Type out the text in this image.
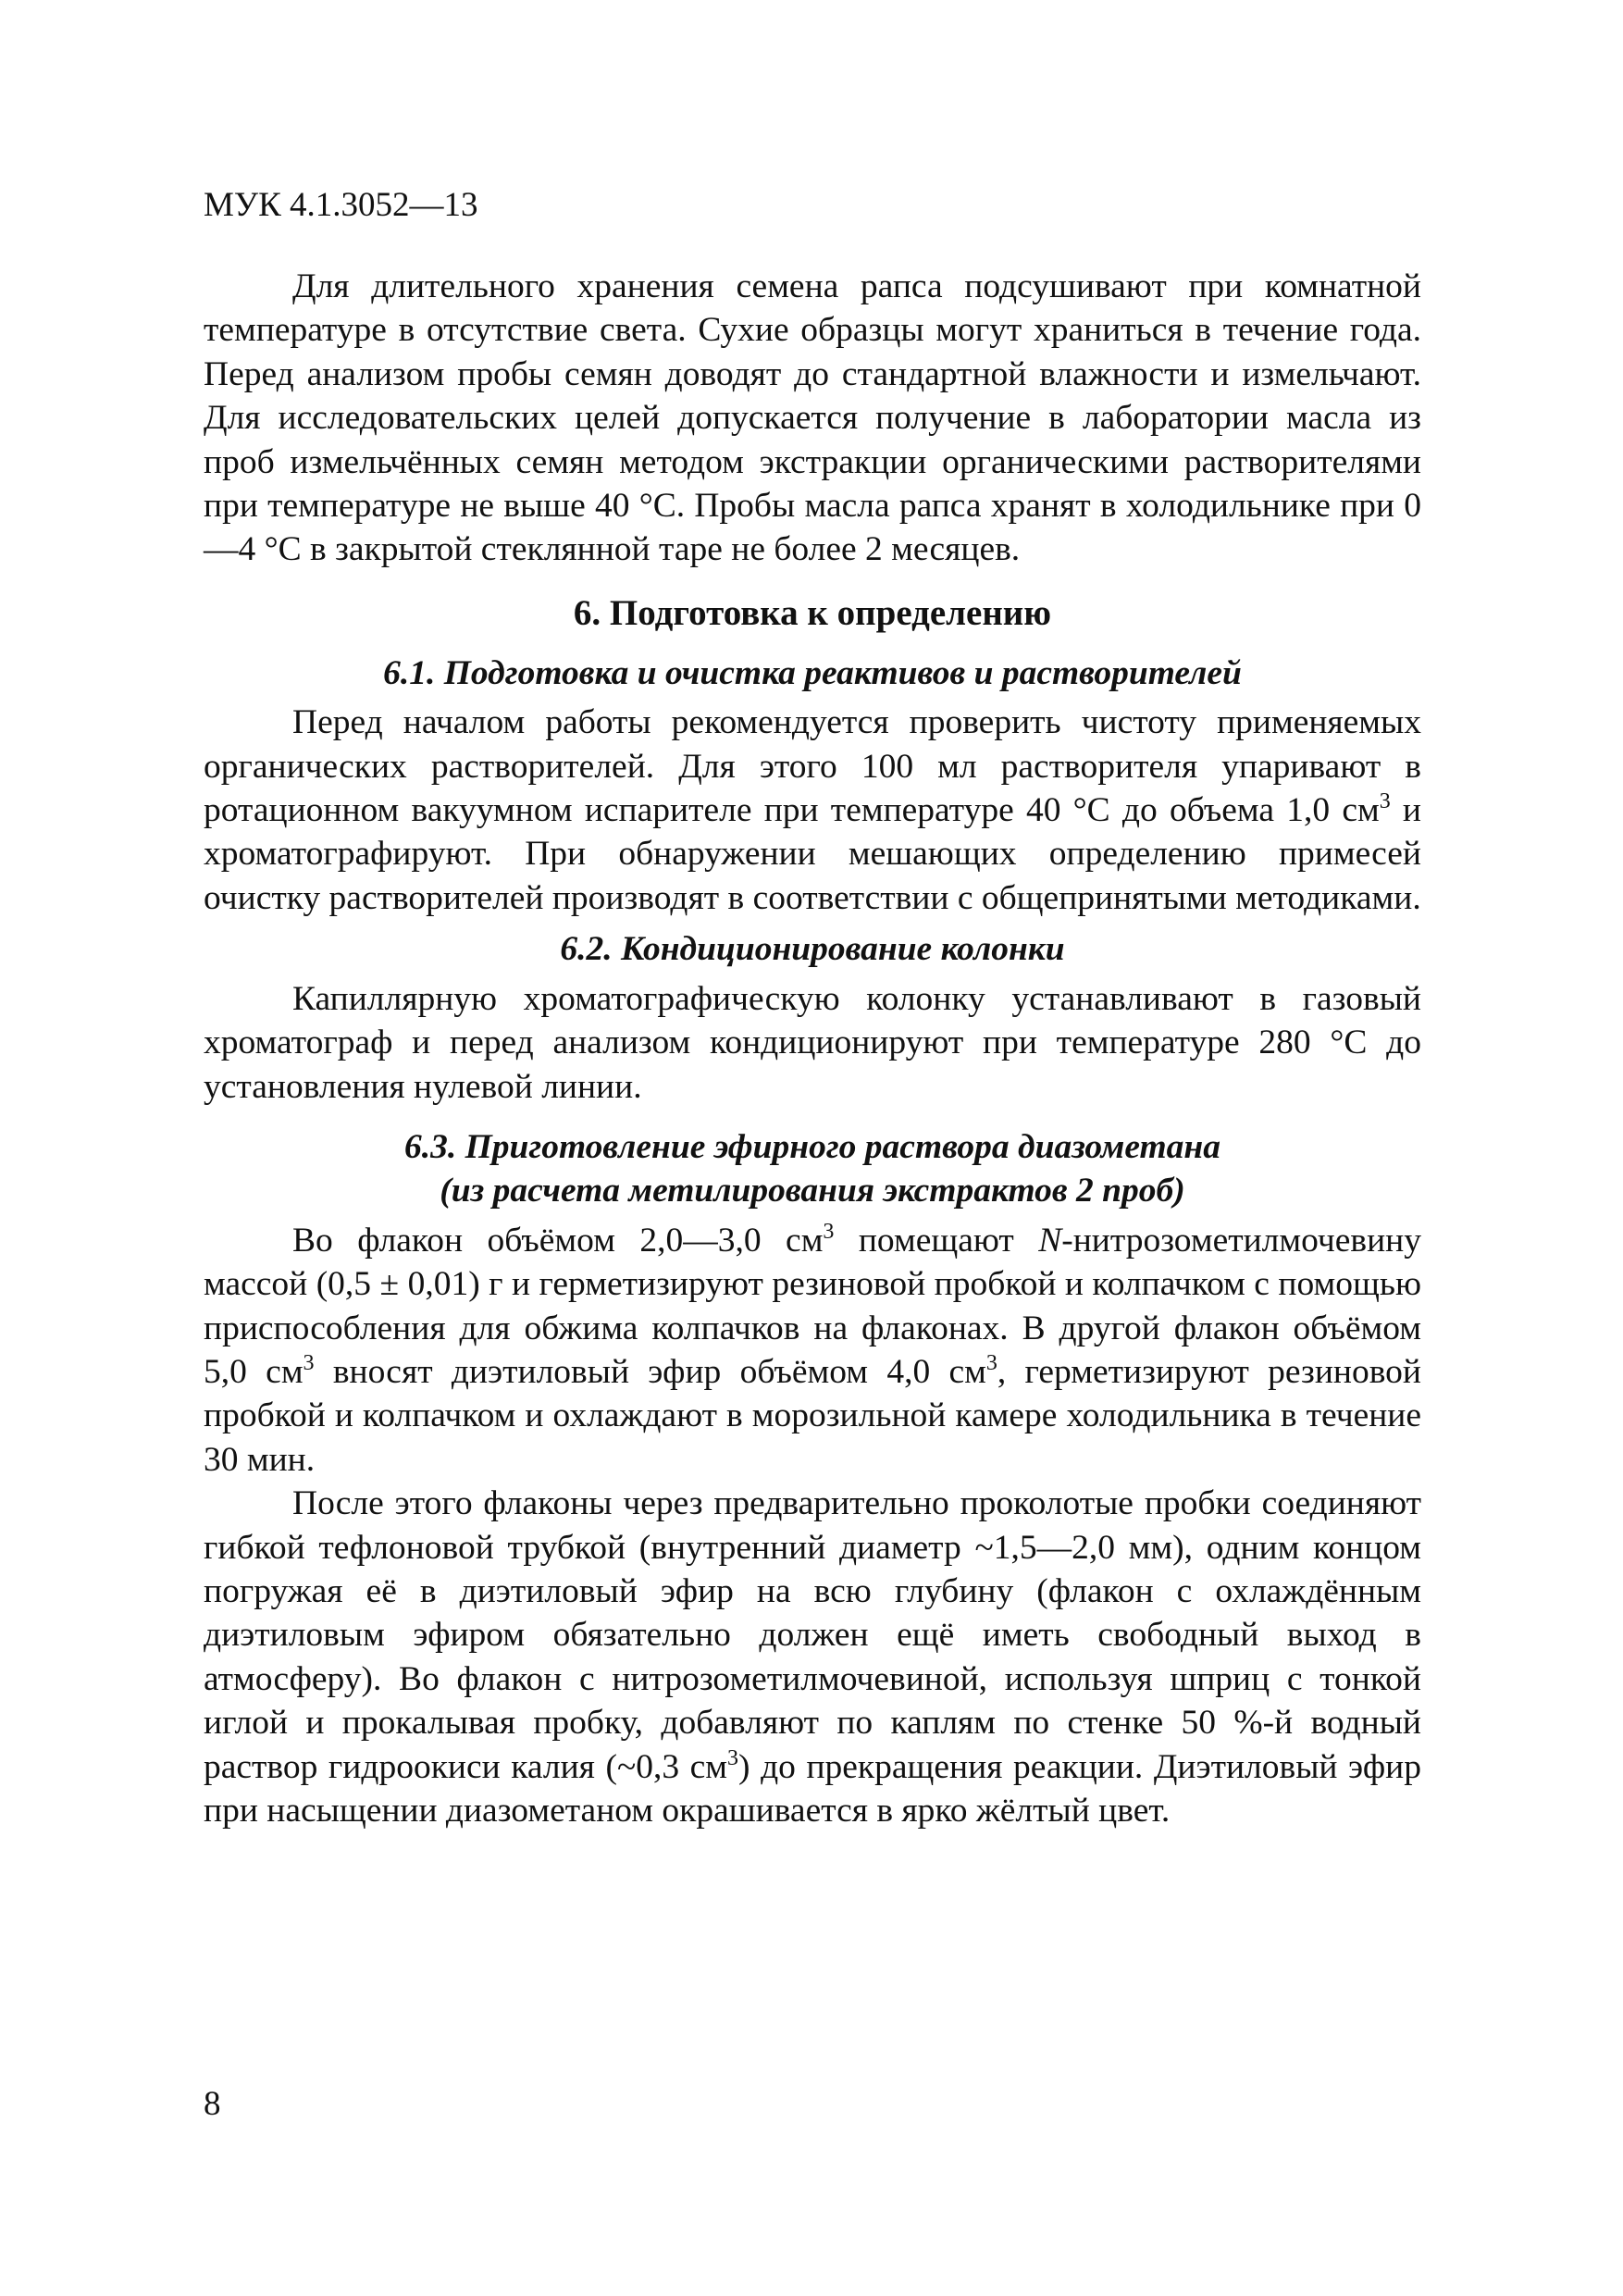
МУК 4.1.3052—13

Для длительного хранения семена рапса подсушивают при комнатной температуре в отсутствие света. Сухие образцы могут храниться в течение года. Перед анализом пробы семян доводят до стандартной влажности и измельчают. Для исследовательских целей допускается получение в лаборатории масла из проб измельчённых семян методом экстракции органическими растворителями при температуре не выше 40 °С. Пробы масла рапса хранят в холодильнике при 0—4 °С в закрытой стеклянной таре не более 2 месяцев.

6. Подготовка к определению
6.1. Подготовка и очистка реактивов и растворителей

Перед началом работы рекомендуется проверить чистоту применяемых органических растворителей. Для этого 100 мл растворителя упаривают в ротационном вакуумном испарителе при температуре 40 °С до объема 1,0 $см^3$ и хроматографируют. При обнаружении мешающих определению примесей очистку растворителей производят в соответствии с общепринятыми методиками.

6.2. Кондиционирование колонки

Капиллярную хроматографическую колонку устанавливают в газовый хроматограф и перед анализом кондиционируют при температуре 280 °С до установления нулевой линии.

6.3. Приготовление эфирного раствора диазометана
(из расчета метилирования экстрактов 2 проб)

Во флакон объёмом 2,0—3,0 $см^3$ помещают N-нитрозометилмочевину массой (0,5 ± 0,01) г и герметизируют резиновой пробкой и колпачком с помощью приспособления для обжима колпачков на флаконах. В другой флакон объёмом 5,0 $см^3$ вносят диэтиловый эфир объёмом 4,0 $см^3$, герметизируют резиновой пробкой и колпачком и охлаждают в морозильной камере холодильника в течение 30 мин.

После этого флаконы через предварительно проколотые пробки соединяют гибкой тефлоновой трубкой (внутренний диаметр ~1,5—2,0 мм), одним концом погружая её в диэтиловый эфир на всю глубину (флакон с охлаждённым диэтиловым эфиром обязательно должен ещё иметь свободный выход в атмосферу). Во флакон с нитрозометилмочевиной, используя шприц с тонкой иглой и прокалывая пробку, добавляют по каплям по стенке 50 %-й водный раствор гидроокиси калия (~0,3 $см^3$) до прекращения реакции. Диэтиловый эфир при насыщении диазометаном окрашивается в ярко жёлтый цвет.

8
